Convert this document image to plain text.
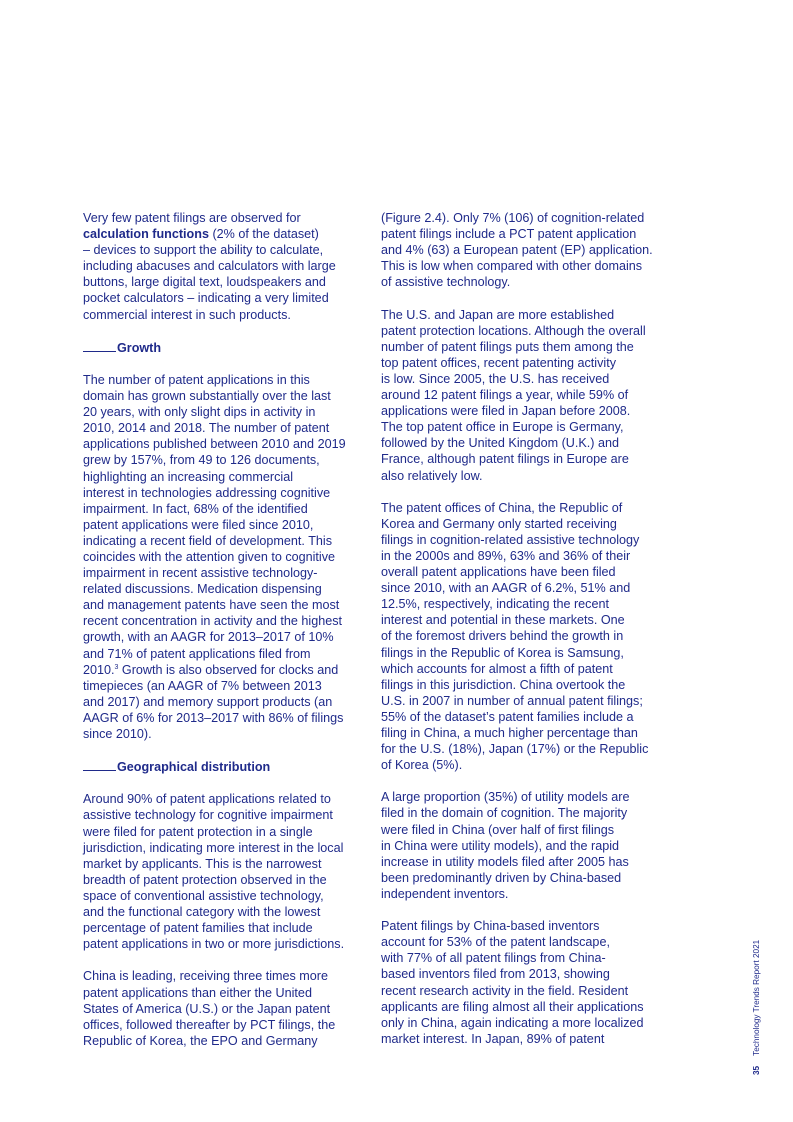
Very few patent filings are observed for
calculation functions (2% of the dataset)
– devices to support the ability to calculate,
including abacuses and calculators with large
buttons, large digital text, loudspeakers and
pocket calculators – indicating a very limited
commercial interest in such products.

Growth

The number of patent applications in this
domain has grown substantially over the last
20 years, with only slight dips in activity in
2010, 2014 and 2018. The number of patent
applications published between 2010 and 2019
grew by 157%, from 49 to 126 documents,
highlighting an increasing commercial
interest in technologies addressing cognitive
impairment. In fact, 68% of the identified
patent applications were filed since 2010,
indicating a recent field of development. This
coincides with the attention given to cognitive
impairment in recent assistive technology-
related discussions. Medication dispensing
and management patents have seen the most
recent concentration in activity and the highest
growth, with an AAGR for 2013–2017 of 10%
and 71% of patent applications filed from
2010.$^3$ Growth is also observed for clocks and
timepieces (an AAGR of 7% between 2013
and 2017) and memory support products (an
AAGR of 6% for 2013–2017 with 86% of filings
since 2010).

Geographical distribution

Around 90% of patent applications related to
assistive technology for cognitive impairment
were filed for patent protection in a single
jurisdiction, indicating more interest in the local
market by applicants. This is the narrowest
breadth of patent protection observed in the
space of conventional assistive technology,
and the functional category with the lowest
percentage of patent families that include
patent applications in two or more jurisdictions.

China is leading, receiving three times more
patent applications than either the United
States of America (U.S.) or the Japan patent
offices, followed thereafter by PCT filings, the
Republic of Korea, the EPO and Germany

(Figure 2.4). Only 7% (106) of cognition-related
patent filings include a PCT patent application
and 4% (63) a European patent (EP) application.
This is low when compared with other domains
of assistive technology.

The U.S. and Japan are more established
patent protection locations. Although the overall
number of patent filings puts them among the
top patent offices, recent patenting activity
is low. Since 2005, the U.S. has received
around 12 patent filings a year, while 59% of
applications were filed in Japan before 2008.
The top patent office in Europe is Germany,
followed by the United Kingdom (U.K.) and
France, although patent filings in Europe are
also relatively low.

The patent offices of China, the Republic of
Korea and Germany only started receiving
filings in cognition-related assistive technology
in the 2000s and 89%, 63% and 36% of their
overall patent applications have been filed
since 2010, with an AAGR of 6.2%, 51% and
12.5%, respectively, indicating the recent
interest and potential in these markets. One
of the foremost drivers behind the growth in
filings in the Republic of Korea is Samsung,
which accounts for almost a fifth of patent
filings in this jurisdiction. China overtook the
U.S. in 2007 in number of annual patent filings;
55% of the dataset’s patent families include a
filing in China, a much higher percentage than
for the U.S. (18%), Japan (17%) or the Republic
of Korea (5%).

A large proportion (35%) of utility models are
filed in the domain of cognition. The majority
were filed in China (over half of first filings
in China were utility models), and the rapid
increase in utility models filed after 2005 has
been predominantly driven by China-based
independent inventors.

Patent filings by China-based inventors
account for 53% of the patent landscape,
with 77% of all patent filings from China-
based inventors filed from 2013, showing
recent research activity in the field. Resident
applicants are filing almost all their applications
only in China, again indicating a more localized
market interest. In Japan, 89% of patent

35Technology Trends Report 2021
